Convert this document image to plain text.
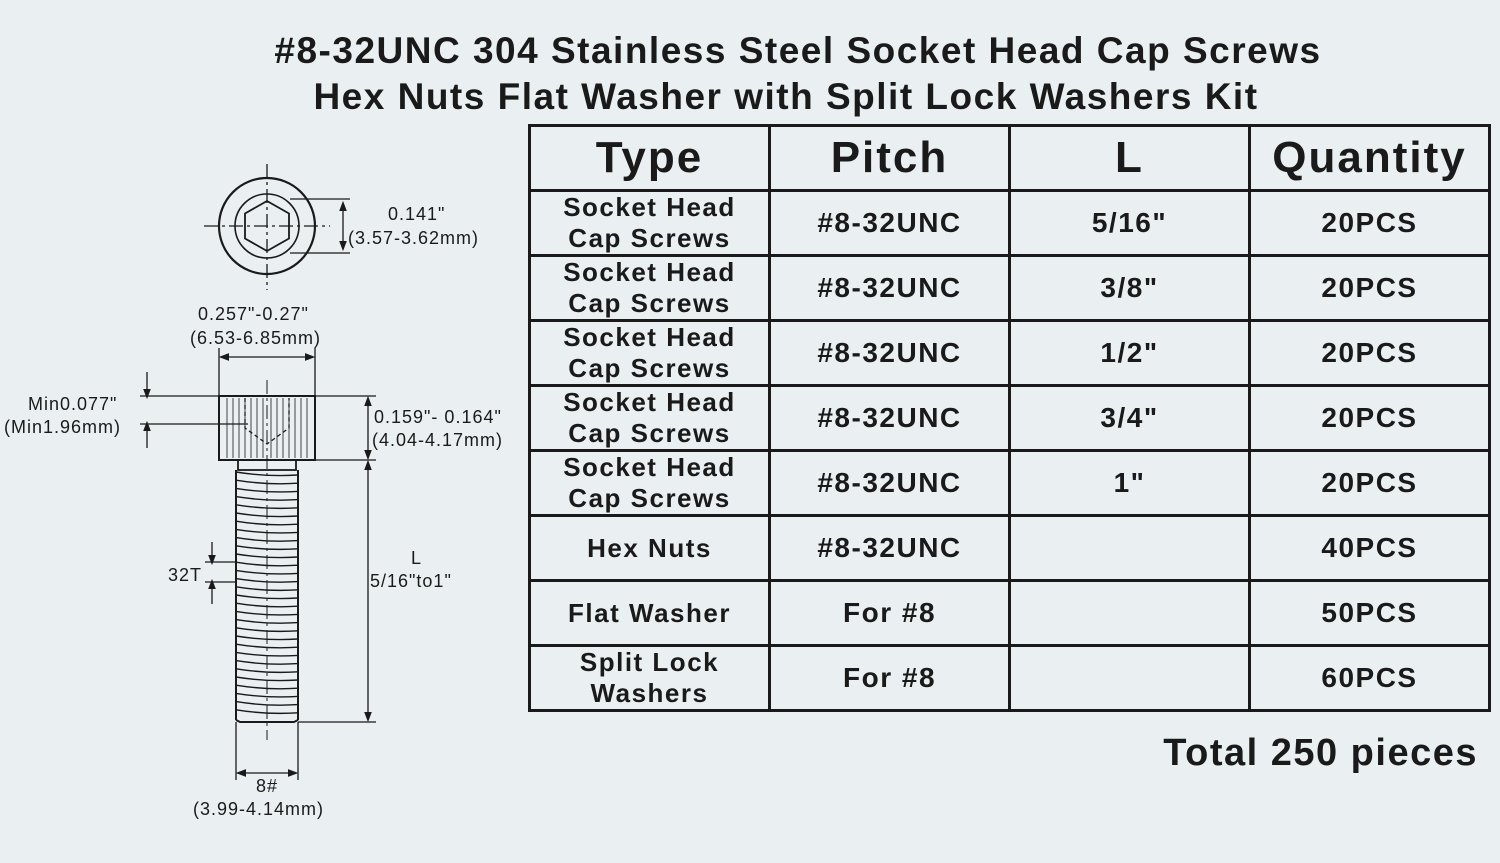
#8-32UNC 304 Stainless Steel Socket Head Cap Screws
Hex Nuts Flat Washer with Split Lock Washers Kit
0.141"
(3.57-3.62mm)
0.257"-0.27"
(6.53-6.85mm)
Min0.077"
(Min1.96mm)	0.159"- 0.164"
(4.04-4.17mm)
32T
L
5/16"to1"
8#
(3.99-4.14mm)
Type	Pitch	L	Quantity

Socket Head
Cap Screws	#8-32UNC	5/16"	20PCS

Socket Head
Cap Screws	#8-32UNC	3/8"	20PCS

Socket Head
Cap Screws	#8-32UNC	1/2"	20PCS

Socket Head
Cap Screws	#8-32UNC	3/4"	20PCS

Socket Head
Cap Screws	#8-32UNC	1"	20PCS

Hex Nuts	#8-32UNC		40PCS

Flat Washer	For #8		50PCS

Split Lock
Washers	For #8		60PCS
Total 250 pieces
